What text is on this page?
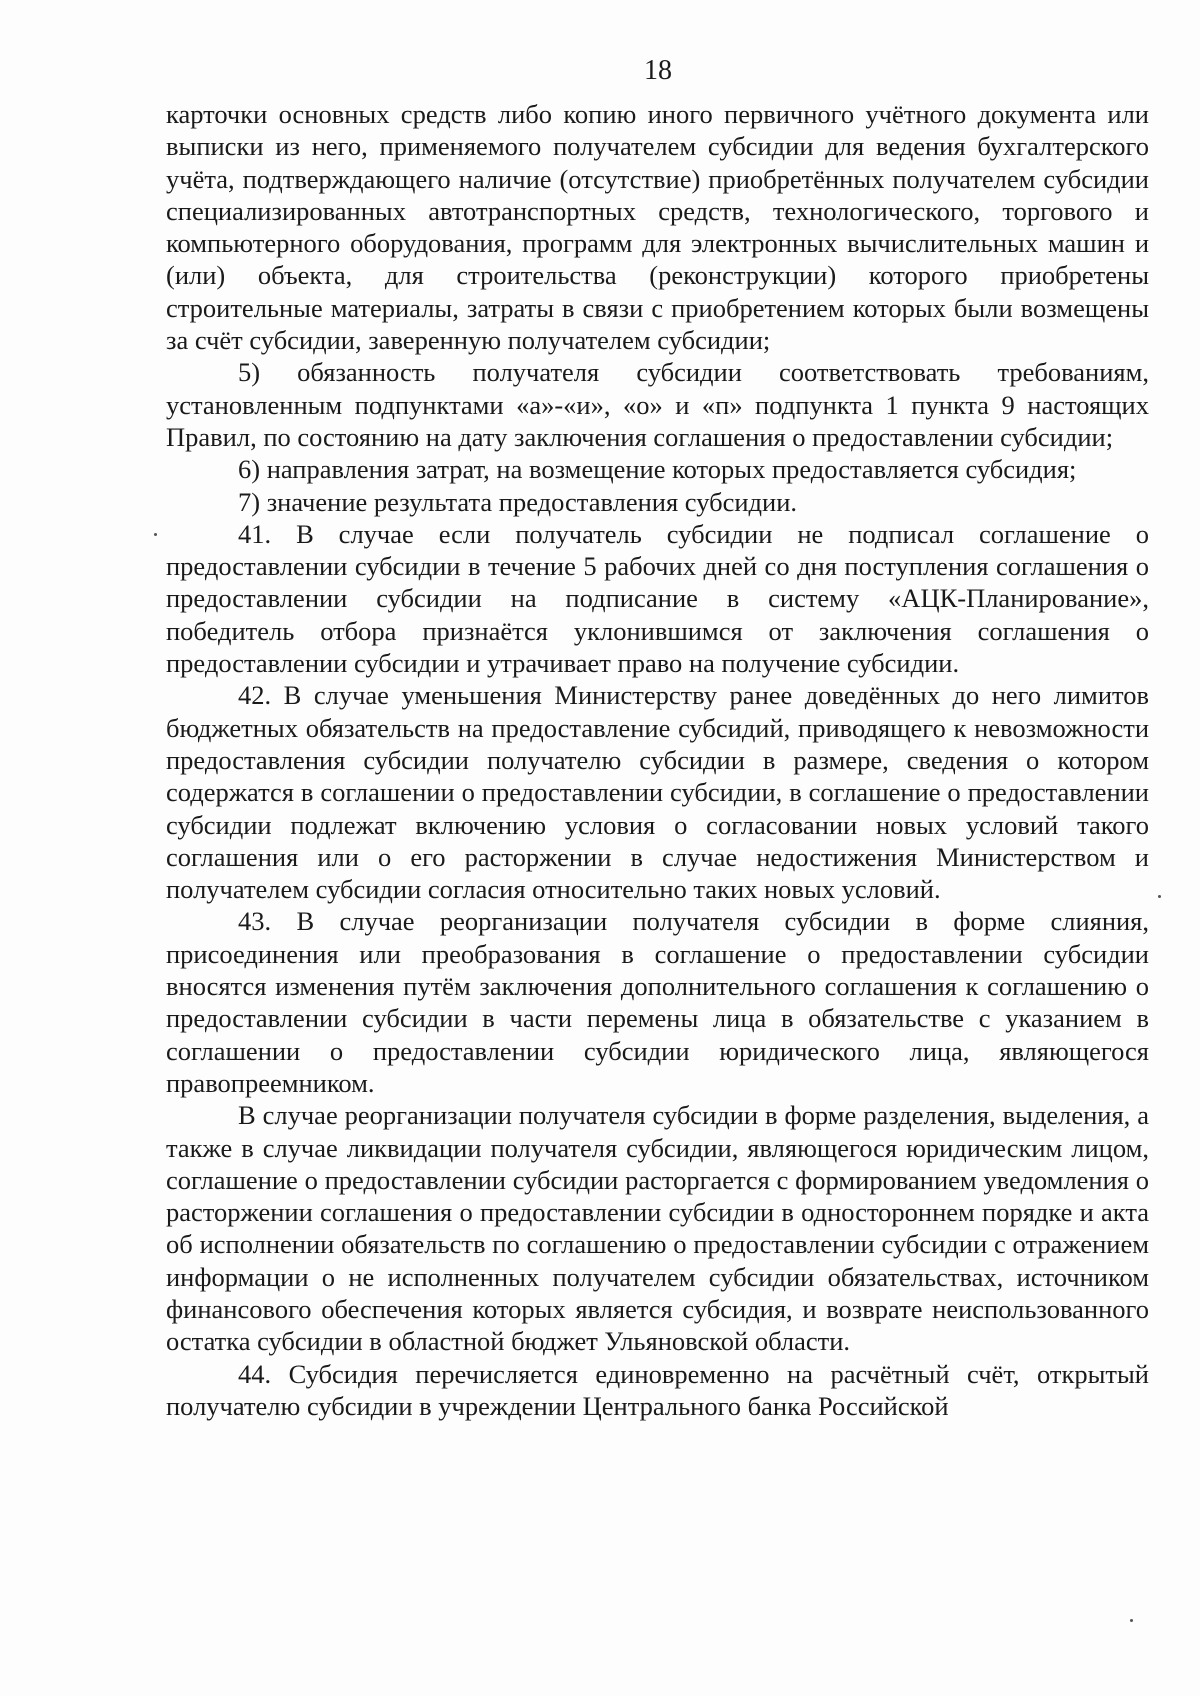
18

карточки основных средств либо копию иного первичного учётного документа или выписки из него, применяемого получателем субсидии для ведения бухгалтерского учёта, подтверждающего наличие (отсутствие) приобретённых получателем субсидии специализированных автотранспортных средств, технологического, торгового и компьютерного оборудования, программ для электронных вычислительных машин и (или) объекта, для строительства (реконструкции) которого приобретены строительные материалы, затраты в связи с приобретением которых были возмещены за счёт субсидии, заверенную получателем субсидии;

5) обязанность получателя субсидии соответствовать требованиям, установленным подпунктами «а»-«и», «о» и «п» подпункта 1 пункта 9 настоящих Правил, по состоянию на дату заключения соглашения о предоставлении субсидии;

6) направления затрат, на возмещение которых предоставляется субсидия;

7) значение результата предоставления субсидии.

41. В случае если получатель субсидии не подписал соглашение о предоставлении субсидии в течение 5 рабочих дней со дня поступления соглашения о предоставлении субсидии на подписание в систему «АЦК-Планирование», победитель отбора признаётся уклонившимся от заключения соглашения о предоставлении субсидии и утрачивает право на получение субсидии.

42. В случае уменьшения Министерству ранее доведённых до него лимитов бюджетных обязательств на предоставление субсидий, приводящего к невозможности предоставления субсидии получателю субсидии в размере, сведения о котором содержатся в соглашении о предоставлении субсидии, в соглашение о предоставлении субсидии подлежат включению условия о согласовании новых условий такого соглашения или о его расторжении в случае недостижения Министерством и получателем субсидии согласия относительно таких новых условий.

43. В случае реорганизации получателя субсидии в форме слияния, присоединения или преобразования в соглашение о предоставлении субсидии вносятся изменения путём заключения дополнительного соглашения к соглашению о предоставлении субсидии в части перемены лица в обязательстве с указанием в соглашении о предоставлении субсидии юридического лица, являющегося правопреемником.

В случае реорганизации получателя субсидии в форме разделения, выделения, а также в случае ликвидации получателя субсидии, являющегося юридическим лицом, соглашение о предоставлении субсидии расторгается с формированием уведомления о расторжении соглашения о предоставлении субсидии в одностороннем порядке и акта об исполнении обязательств по соглашению о предоставлении субсидии с отражением информации о не исполненных получателем субсидии обязательствах, источником финансового обеспечения которых является субсидия, и возврате неиспользованного остатка субсидии в областной бюджет Ульяновской области.

44. Субсидия перечисляется единовременно на расчётный счёт, открытый получателю субсидии в учреждении Центрального банка Российской
